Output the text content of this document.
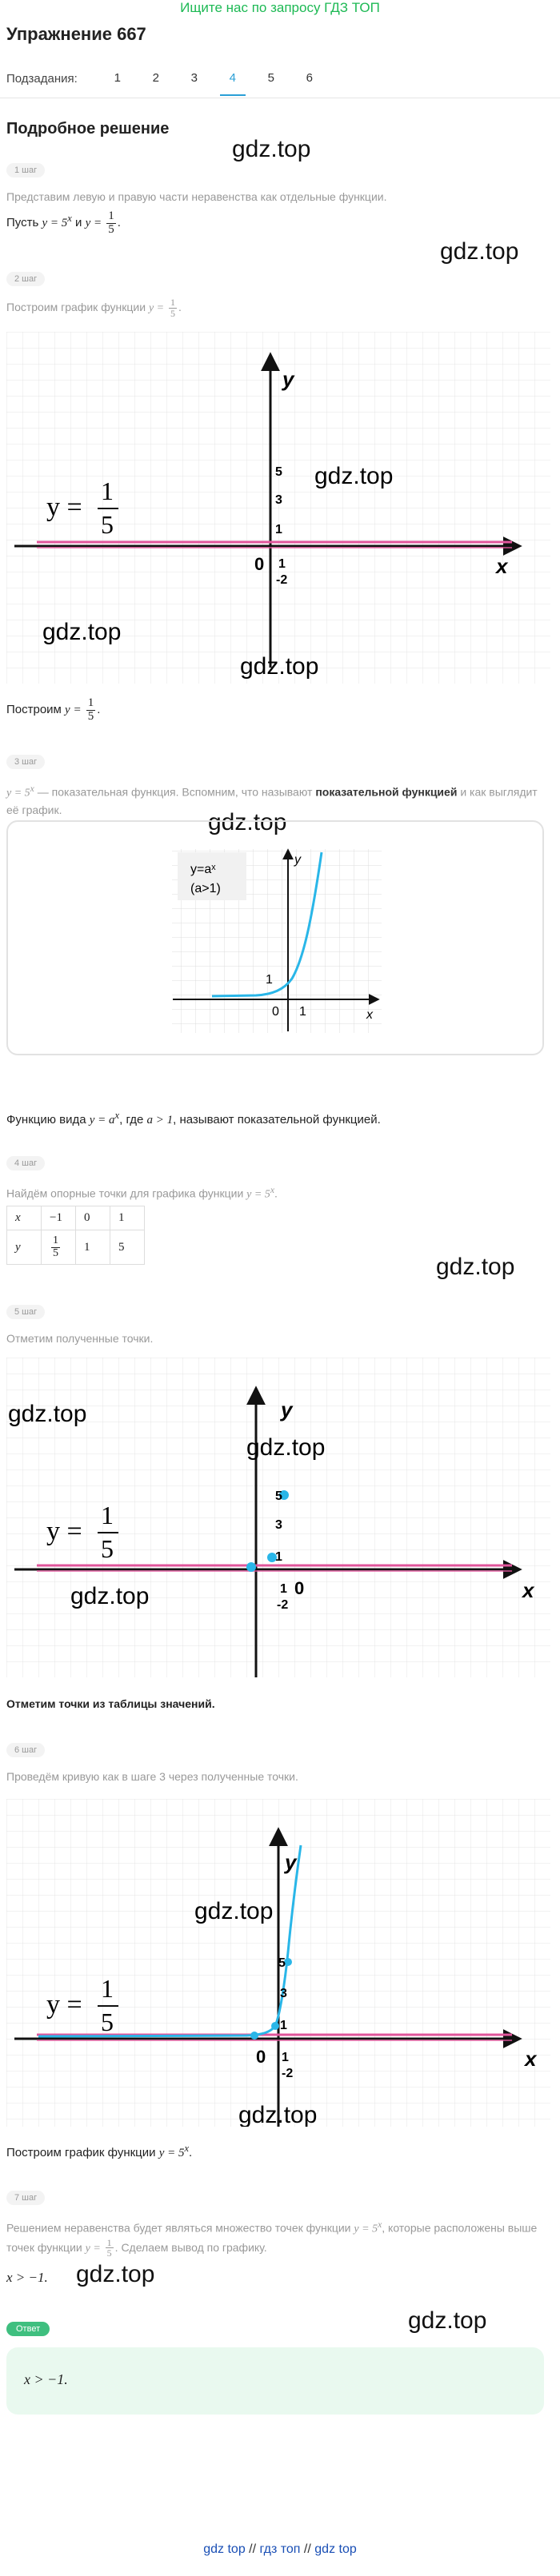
Ищите нас по запросу ГДЗ ТОП
Упражнение 667
Подзадания:	1	2	3	4	5	6
Подробное решение
gdz.top
1 шаг
Представим левую и правую части неравенства как отдельные функции.
Пусть $y = 5^x$ и $y = \frac{1}{5}$ .
gdz.top
2 шаг
Построим график функции $y = \frac{1}{5}$ .
y
x
0 1
-2
1
3
5
y =
1
5
gdz.top
gdz.top
gdz.top
Построим $y = \frac{1}{5}$ .
3 шаг
$y = 5^x$ — показательная функция. Вспомним, что называют показательной функцией и как выглядит её график.	gdz.top
y=aˣ
(a>1)
y
x
0 1
1
Функцию вида $y = a^x$, где a > 1, называют показательной функцией.
4 шаг
Найдём опорные точки для графика функции $y = 5^x$.
x	−1	0	1
y	$\frac{1}{5}$	1	5
gdz.top
5 шаг
Отметим полученные точки.
y
x
0
1
-2
1
3
5
y =
1
5
gdz.top
gdz.top
gdz.top
Отметим точки из таблицы значений.
6 шаг
Проведём кривую как в шаге 3 через полученные точки.
y
x
0 1
-2
1
3
5
y =
1
5
gdz.top
gdz.top
Построим график функции $y = 5^x$.
7 шаг
Решением неравенства будет являться множество точек функции $y = 5^x$, которые расположены выше точек функции $y = \frac{1}{5}$ . Сделаем вывод по графику.
x > −1.	gdz.top
gdz.top
Ответ
x > −1.
gdz top // гдз топ // gdz top
